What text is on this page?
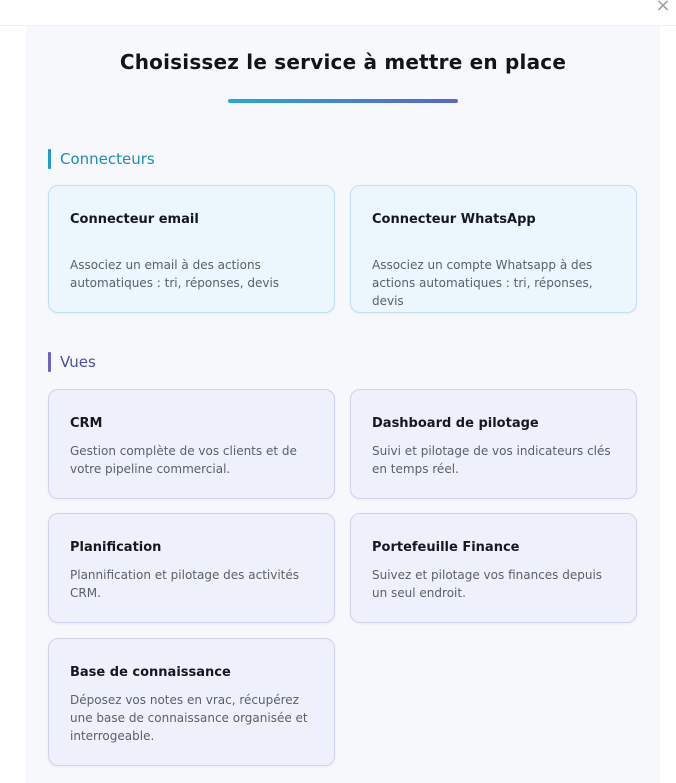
×
Choisissez le service à mettre en place
Connecteurs
Connecteur email
Associez un email à des actions automatiques : tri, réponses, devis
Connecteur WhatsApp
Associez un compte Whatsapp à des actions automatiques : tri, réponses, devis
Vues
CRM
Gestion complète de vos clients et de votre pipeline commercial.
Dashboard de pilotage
Suivi et pilotage de vos indicateurs clés en temps réel.
Planification
Plannification et pilotage des activités CRM.
Portefeuille Finance
Suivez et pilotage vos finances depuis un seul endroit.
Base de connaissance
Déposez vos notes en vrac, récupérez une base de connaissance organisée et interrogeable.
